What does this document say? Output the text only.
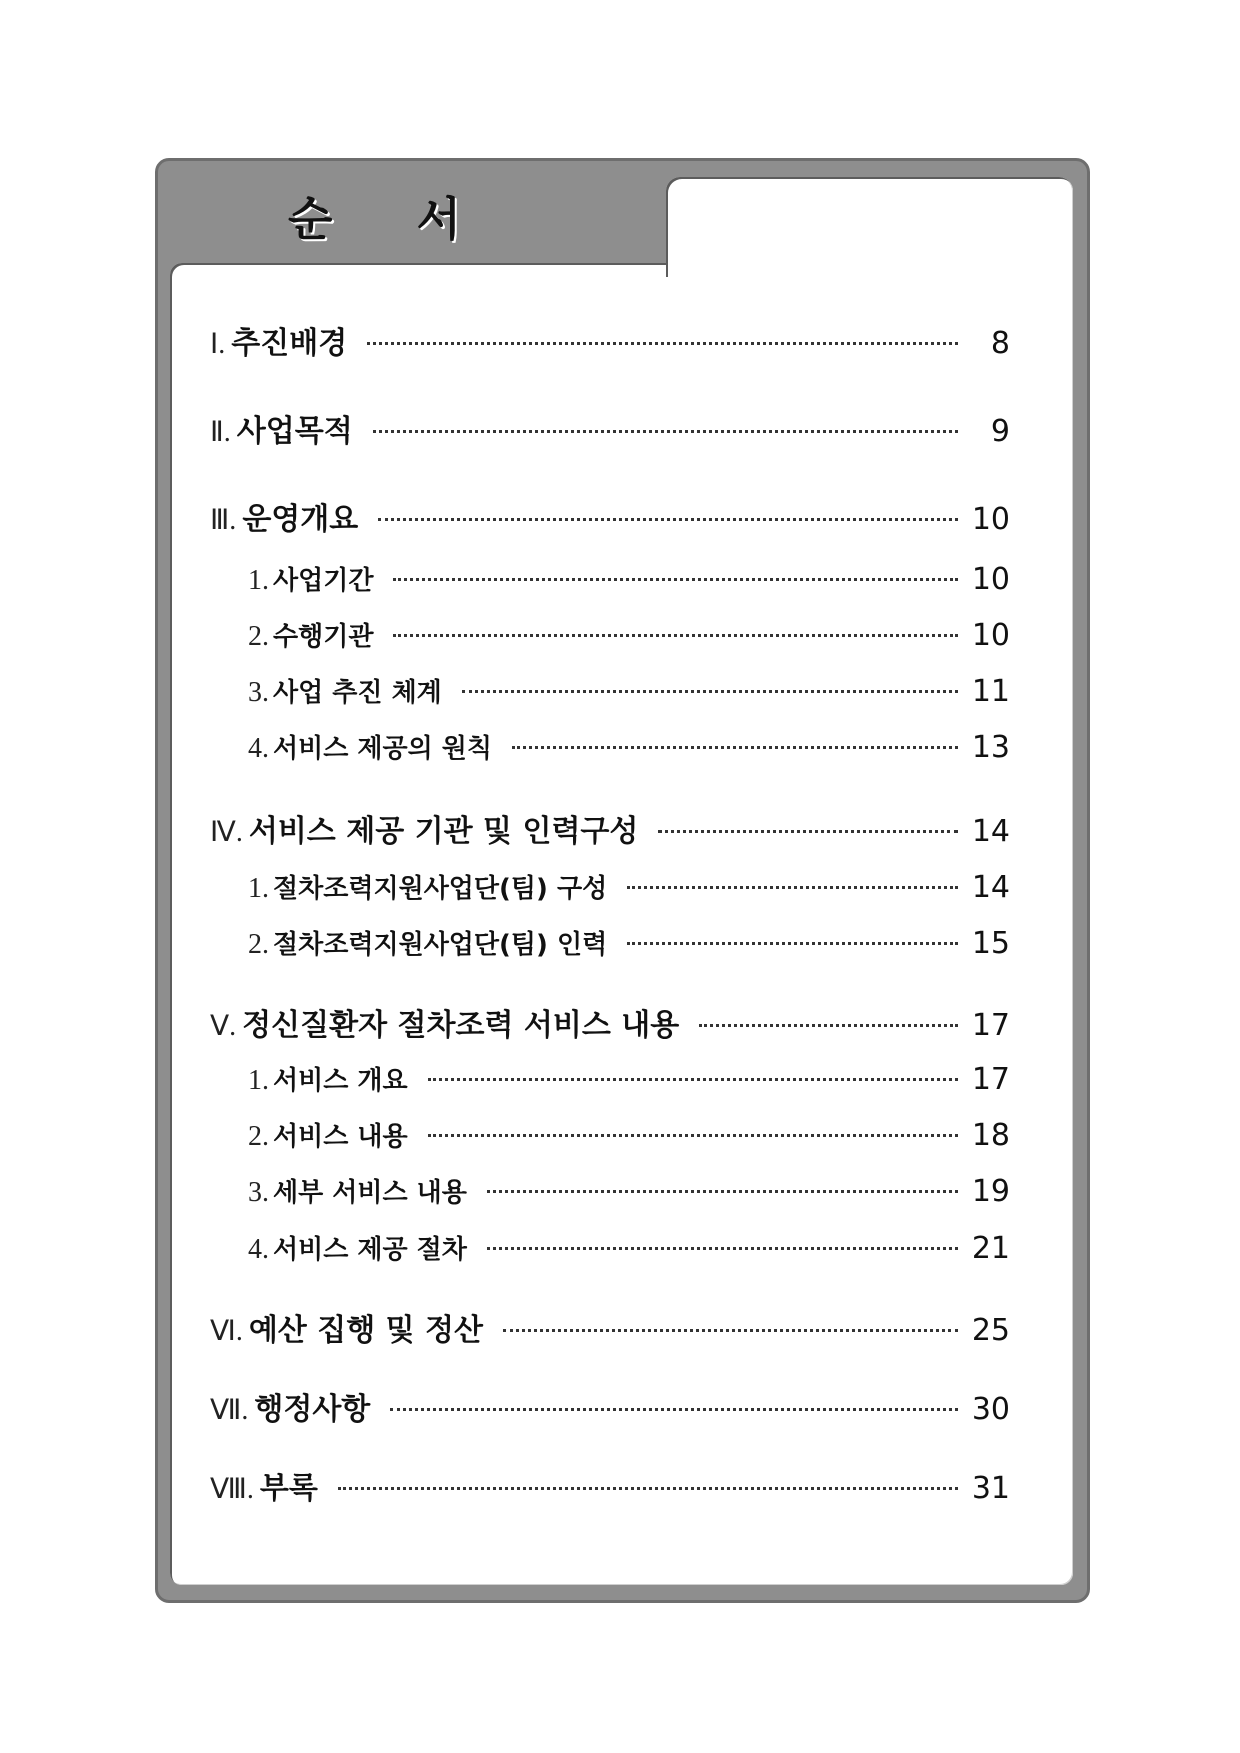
순 서
Ⅰ. 추진배경	8
Ⅱ. 사업목적	9
Ⅲ. 운영개요	10
1. 사업기간	10
2. 수행기관	10
3. 사업 추진 체계	11
4. 서비스 제공의 원칙	13
Ⅳ. 서비스 제공 기관 및 인력구성	14
1. 절차조력지원사업단(팀) 구성	14
2. 절차조력지원사업단(팀) 인력	15
Ⅴ. 정신질환자 절차조력 서비스 내용	17
1. 서비스 개요	17
2. 서비스 내용	18
3. 세부 서비스 내용	19
4. 서비스 제공 절차	21
Ⅵ. 예산 집행 및 정산	25
Ⅶ. 행정사항	30
Ⅷ. 부록	31
